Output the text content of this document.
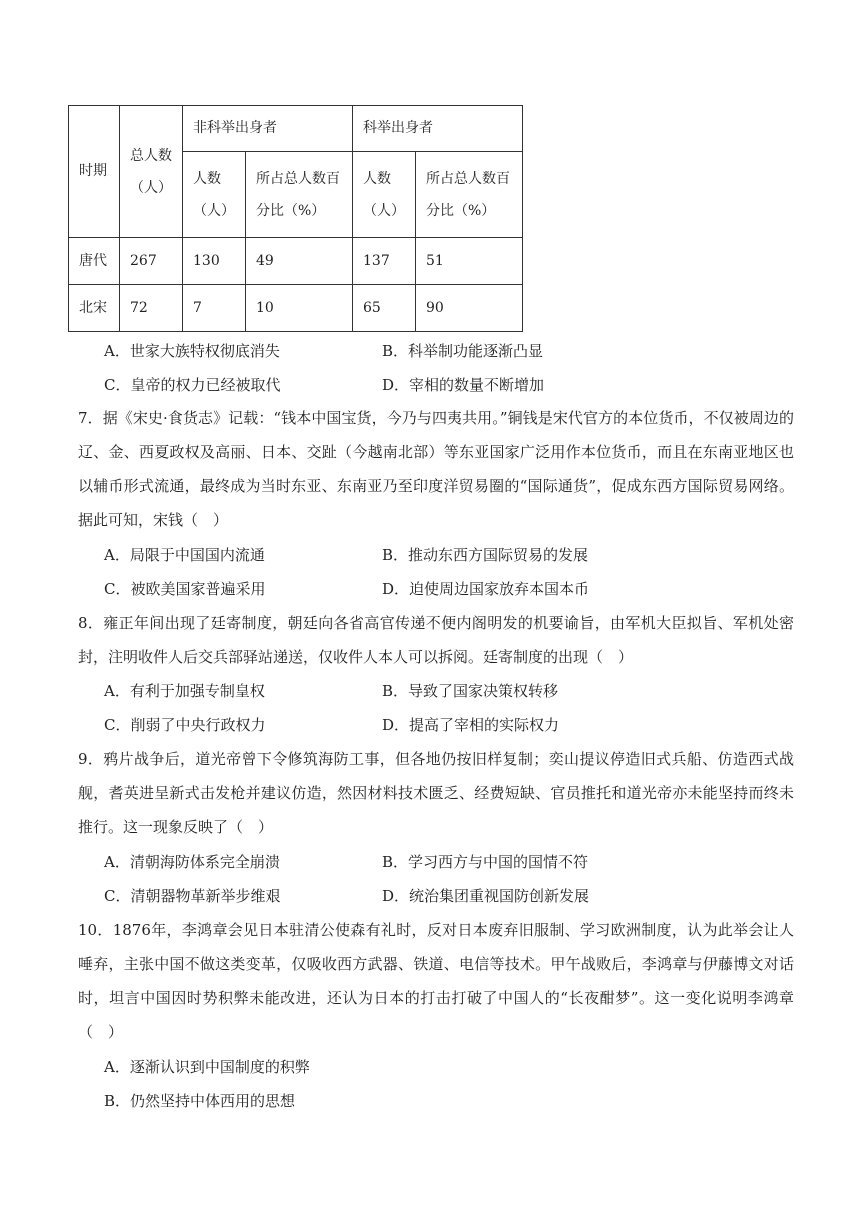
时期	总人数（人）	非科举出身者		科举出身者	
		人数（人）	所占总人数百分比（%）	人数（人）	所占总人数百分比（%）
唐代	267	130	49	137	51
北宋	72	7	10	65	90
A．世家大族特权彻底消失	B．科举制功能逐渐凸显
C．皇帝的权力已经被取代	D．宰相的数量不断增加
7．据《宋史·食货志》记载：“钱本中国宝货，今乃与四夷共用。”铜钱是宋代官方的本位货币，不仅被周边的辽、金、西夏政权及高丽、日本、交趾（今越南北部）等东亚国家广泛用作本位货币，而且在东南亚地区也以辅币形式流通，最终成为当时东亚、东南亚乃至印度洋贸易圈的“国际通货”，促成东西方国际贸易网络。据此可知，宋钱（　）
A．局限于中国国内流通	B．推动东西方国际贸易的发展
C．被欧美国家普遍采用	D．迫使周边国家放弃本国本币
8．雍正年间出现了廷寄制度，朝廷向各省高官传递不便内阁明发的机要谕旨，由军机大臣拟旨、军机处密封，注明收件人后交兵部驿站递送，仅收件人本人可以拆阅。廷寄制度的出现（　）
A．有利于加强专制皇权	B．导致了国家决策权转移
C．削弱了中央行政权力	D．提高了宰相的实际权力
9．鸦片战争后，道光帝曾下令修筑海防工事，但各地仍按旧样复制；奕山提议停造旧式兵船、仿造西式战舰，耆英进呈新式击发枪并建议仿造，然因材料技术匮乏、经费短缺、官员推托和道光帝亦未能坚持而终未推行。这一现象反映了（　）
A．清朝海防体系完全崩溃	B．学习西方与中国的国情不符
C．清朝器物革新举步维艰	D．统治集团重视国防创新发展
10．1876年，李鸿章会见日本驻清公使森有礼时，反对日本废弃旧服制、学习欧洲制度，认为此举会让人唾弃，主张中国不做这类变革，仅吸收西方武器、铁道、电信等技术。甲午战败后，李鸿章与伊藤博文对话时，坦言中国因时势积弊未能改进，还认为日本的打击打破了中国人的“长夜酣梦”。这一变化说明李鸿章（　）
A．逐渐认识到中国制度的积弊
B．仍然坚持中体西用的思想
